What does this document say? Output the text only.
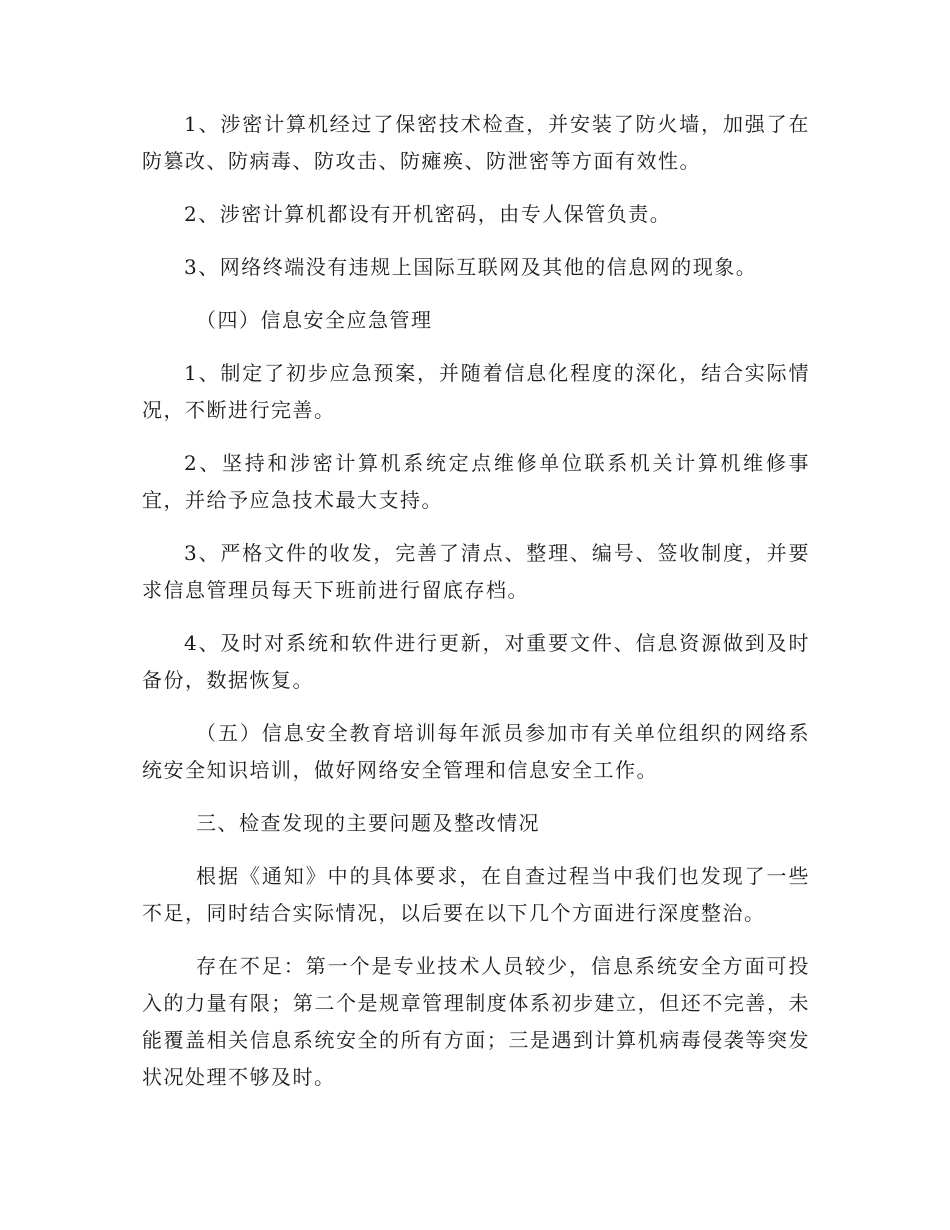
1、涉密计算机经过了保密技术检查，并安装了防火墙，加强了在防篡改、防病毒、防攻击、防瘫痪、防泄密等方面有效性。

2、涉密计算机都设有开机密码，由专人保管负责。

3、网络终端没有违规上国际互联网及其他的信息网的现象。

（四）信息安全应急管理

1、制定了初步应急预案，并随着信息化程度的深化，结合实际情况，不断进行完善。

2、坚持和涉密计算机系统定点维修单位联系机关计算机维修事宜，并给予应急技术最大支持。

3、严格文件的收发，完善了清点、整理、编号、签收制度，并要求信息管理员每天下班前进行留底存档。

4、及时对系统和软件进行更新，对重要文件、信息资源做到及时备份，数据恢复。

（五）信息安全教育培训每年派员参加市有关单位组织的网络系统安全知识培训，做好网络安全管理和信息安全工作。

三、检查发现的主要问题及整改情况

根据《通知》中的具体要求，在自查过程当中我们也发现了一些不足，同时结合实际情况，以后要在以下几个方面进行深度整治。

存在不足：第一个是专业技术人员较少，信息系统安全方面可投入的力量有限；第二个是规章管理制度体系初步建立，但还不完善，未能覆盖相关信息系统安全的所有方面；三是遇到计算机病毒侵袭等突发状况处理不够及时。
